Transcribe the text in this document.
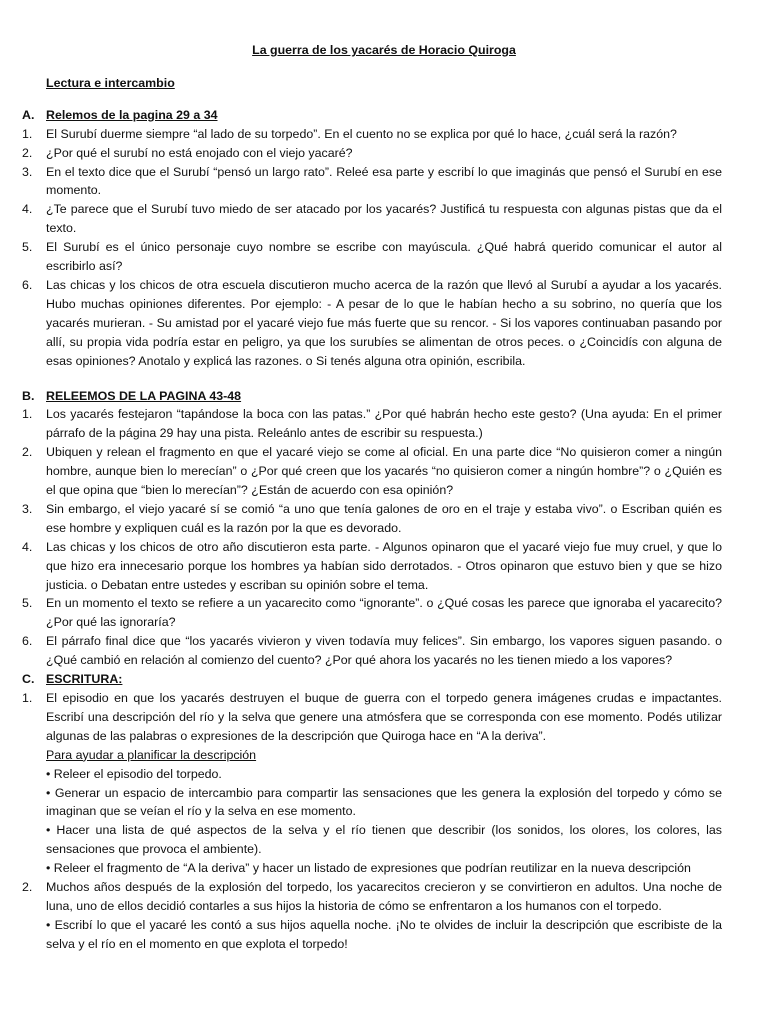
La guerra de los yacarés de Horacio Quiroga
Lectura e intercambio
A. Relemos de la pagina 29 a 34
1.	El Surubí duerme siempre “al lado de su torpedo”. En el cuento no se explica por qué lo hace, ¿cuál será la razón?
2.	¿Por qué el surubí no está enojado con el viejo yacaré?
3.	En el texto dice que el Surubí “pensó un largo rato”. Releé esa parte y escribí lo que imaginás que pensó el Surubí en ese momento.
4.	¿Te parece que el Surubí tuvo miedo de ser atacado por los yacarés? Justificá tu respuesta con algunas pistas que da el texto.
5.	El Surubí es el único personaje cuyo nombre se escribe con mayúscula. ¿Qué habrá querido comunicar el autor al escribirlo así?
6.	Las chicas y los chicos de otra escuela discutieron mucho acerca de la razón que llevó al Surubí a ayudar a los yacarés. Hubo muchas opiniones diferentes. Por ejemplo: - A pesar de lo que le habían hecho a su sobrino, no quería que los yacarés murieran. - Su amistad por el yacaré viejo fue más fuerte que su rencor. - Si los vapores continuaban pasando por allí, su propia vida podría estar en peligro, ya que los surubíes se alimentan de otros peces. o ¿Coincidís con alguna de esas opiniones? Anotalo y explicá las razones. o Si tenés alguna otra opinión, escribila.
B. RELEEMOS DE LA PAGINA 43-48
1.	Los yacarés festejaron “tapándose la boca con las patas.” ¿Por qué habrán hecho este gesto? (Una ayuda: En el primer párrafo de la página 29 hay una pista. Releánlo antes de escribir su respuesta.)
2.	Ubiquen y relean el fragmento en que el yacaré viejo se come al oficial. En una parte dice “No quisieron comer a ningún hombre, aunque bien lo merecían” o ¿Por qué creen que los yacarés “no quisieron comer a ningún hombre”? o ¿Quién es el que opina que “bien lo merecían”? ¿Están de acuerdo con esa opinión?
3.	Sin embargo, el viejo yacaré sí se comió “a uno que tenía galones de oro en el traje y estaba vivo”. o Escriban quién es ese hombre y expliquen cuál es la razón por la que es devorado.
4.	Las chicas y los chicos de otro año discutieron esta parte. - Algunos opinaron que el yacaré viejo fue muy cruel, y que lo que hizo era innecesario porque los hombres ya habían sido derrotados. - Otros opinaron que estuvo bien y que se hizo justicia. o Debatan entre ustedes y escriban su opinión sobre el tema.
5.	En un momento el texto se refiere a un yacarecito como “ignorante”. o ¿Qué cosas les parece que ignoraba el yacarecito? ¿Por qué las ignoraría?
6.	El párrafo final dice que “los yacarés vivieron y viven todavía muy felices”. Sin embargo, los vapores siguen pasando. o ¿Qué cambió en relación al comienzo del cuento? ¿Por qué ahora los yacarés no les tienen miedo a los vapores?
C. ESCRITURA:
1.	El episodio en que los yacarés destruyen el buque de guerra con el torpedo genera imágenes crudas e impactantes. Escribí una descripción del río y la selva que genere una atmósfera que se corresponda con ese momento. Podés utilizar algunas de las palabras o expresiones de la descripción que Quiroga hace en “A la deriva”.
Para ayudar a planificar la descripción
• Releer el episodio del torpedo.
• Generar un espacio de intercambio para compartir las sensaciones que les genera la explosión del torpedo y cómo se imaginan que se veían el río y la selva en ese momento.
• Hacer una lista de qué aspectos de la selva y el río tienen que describir (los sonidos, los olores, los colores, las sensaciones que provoca el ambiente).
• Releer el fragmento de “A la deriva” y hacer un listado de expresiones que podrían reutilizar en la nueva descripción
2.	Muchos años después de la explosión del torpedo, los yacarecitos crecieron y se convirtieron en adultos. Una noche de luna, uno de ellos decidió contarles a sus hijos la historia de cómo se enfrentaron a los humanos con el torpedo.
• Escribí lo que el yacaré les contó a sus hijos aquella noche. ¡No te olvides de incluir la descripción que escribiste de la selva y el río en el momento en que explota el torpedo!
